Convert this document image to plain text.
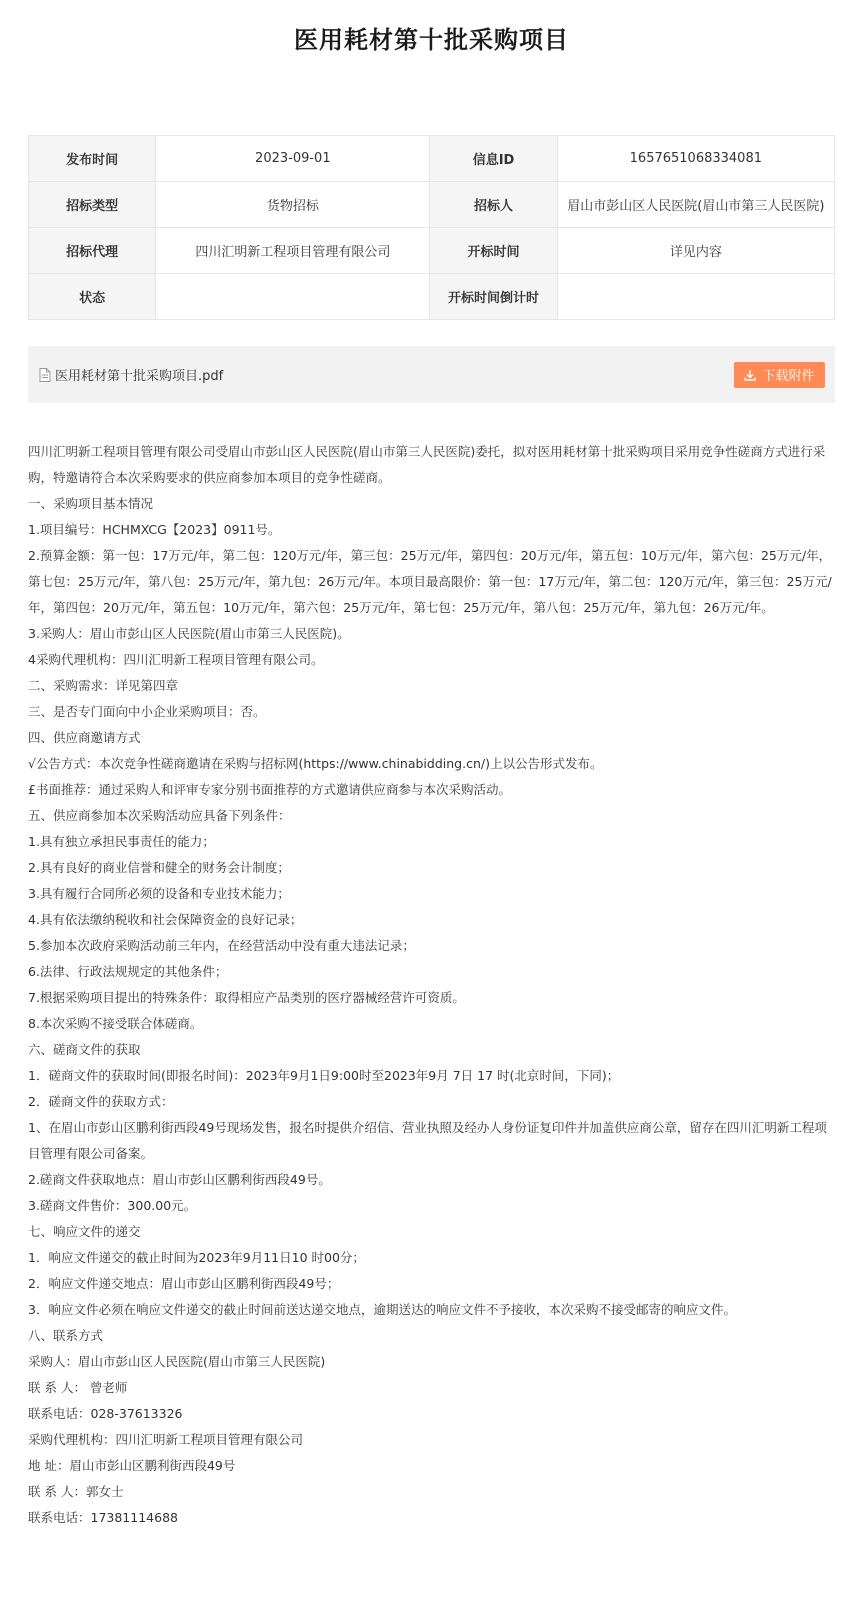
医用耗材第十批采购项目
发布时间	2023-09-01	信息ID	1657651068334081
招标类型	货物招标	招标人	眉山市彭山区人民医院(眉山市第三人民医院)
招标代理	四川汇明新工程项目管理有限公司	开标时间	详见内容
状态		开标时间倒计时	
医用耗材第十批采购项目.pdf	下载附件

四川汇明新工程项目管理有限公司受眉山市彭山区人民医院(眉山市第三人民医院)委托，拟对医用耗材第十批采购项目采用竞争性磋商方式进行采购，特邀请符合本次采购要求的供应商参加本项目的竞争性磋商。

一、采购项目基本情况

1.项目编号：HCHMXCG【2023】0911号。

2.预算金额：第一包：17万元/年，第二包：120万元/年，第三包：25万元/年，第四包：20万元/年，第五包：10万元/年，第六包：25万元/年，第七包：25万元/年，第八包：25万元/年，第九包：26万元/年。本项目最高限价：第一包：17万元/年，第二包：120万元/年，第三包：25万元/年，第四包：20万元/年，第五包：10万元/年，第六包：25万元/年，第七包：25万元/年，第八包：25万元/年，第九包：26万元/年。

3.采购人：眉山市彭山区人民医院(眉山市第三人民医院)。

4采购代理机构：四川汇明新工程项目管理有限公司。

二、采购需求：详见第四章

三、是否专门面向中小企业采购项目：否。

四、供应商邀请方式

√公告方式：本次竞争性磋商邀请在采购与招标网(https://www.chinabidding.cn/)上以公告形式发布。

£书面推荐：通过采购人和评审专家分别书面推荐的方式邀请供应商参与本次采购活动。

五、供应商参加本次采购活动应具备下列条件：

1.具有独立承担民事责任的能力；

2.具有良好的商业信誉和健全的财务会计制度；

3.具有履行合同所必须的设备和专业技术能力；

4.具有依法缴纳税收和社会保障资金的良好记录；

5.参加本次政府采购活动前三年内，在经营活动中没有重大违法记录；

6.法律、行政法规规定的其他条件；

7.根据采购项目提出的特殊条件：取得相应产品类别的医疗器械经营许可资质。

8.本次采购不接受联合体磋商。

六、磋商文件的获取

1．磋商文件的获取时间(即报名时间)：2023年9月1日9:00时至2023年9月 7日 17 时(北京时间，下同)；

2．磋商文件的获取方式：

1、在眉山市彭山区鹏利街西段49号现场发售，报名时提供介绍信、营业执照及经办人身份证复印件并加盖供应商公章，留存在四川汇明新工程项目管理有限公司备案。

2.磋商文件获取地点：眉山市彭山区鹏利街西段49号。

3.磋商文件售价：300.00元。

七、响应文件的递交

1．响应文件递交的截止时间为2023年9月11日10 时00分；

2．响应文件递交地点：眉山市彭山区鹏利街西段49号；

3．响应文件必须在响应文件递交的截止时间前送达递交地点，逾期送达的响应文件不予接收，本次采购不接受邮寄的响应文件。

八、联系方式

采购人：眉山市彭山区人民医院(眉山市第三人民医院)

联 系 人： 曾老师

联系电话：028-37613326

采购代理机构：四川汇明新工程项目管理有限公司

地 址：眉山市彭山区鹏利街西段49号

联 系 人：郭女士

联系电话：17381114688
